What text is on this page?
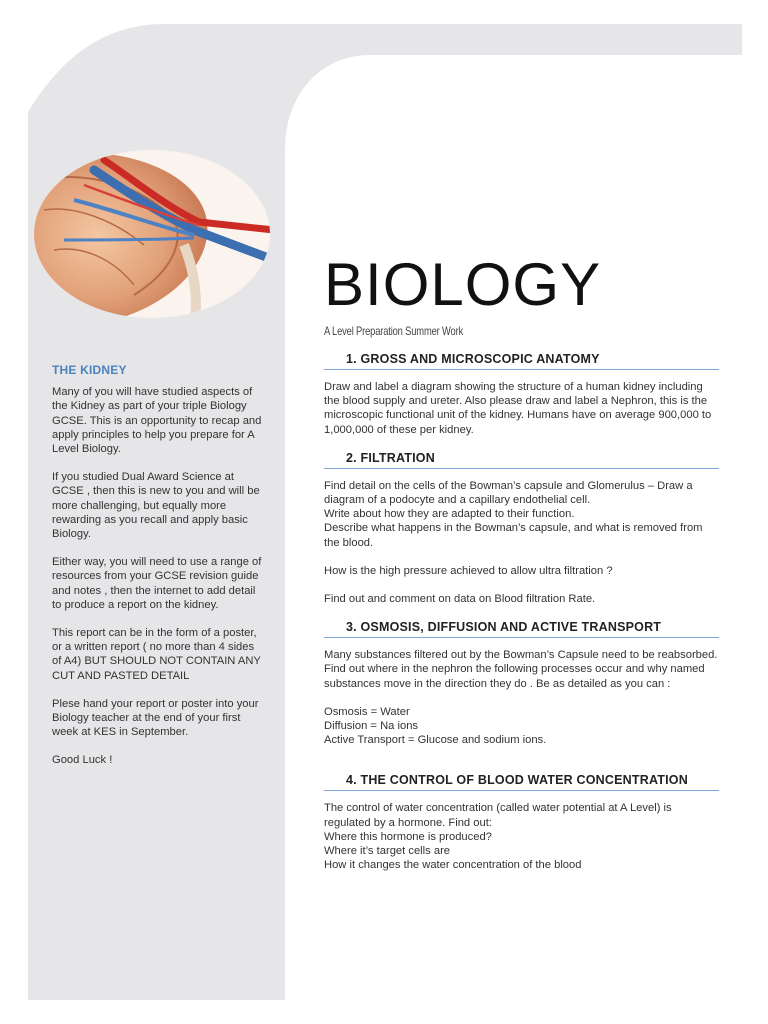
THE KIDNEY

Many of you will have studied aspects of the Kidney as part of your triple Biology GCSE. This is an opportunity to recap and apply principles to help you prepare for A Level Biology.

If you studied Dual Award Science at GCSE , then this is new to you and will be more challenging, but equally more rewarding as you recall and apply basic Biology.

Either way, you will need to use a range of resources from your GCSE revision guide and notes , then the internet to add detail to produce a report on the kidney.

This report can be in the form of a poster, or a written report ( no more than 4 sides of A4) BUT SHOULD NOT CONTAIN ANY CUT AND PASTED DETAIL

Plese hand your report or poster into your Biology teacher at the end of your first week at KES in September.

Good Luck !

BIOLOGY
A Level Preparation Summer Work
1. GROSS AND MICROSCOPIC ANATOMY

Draw and label a diagram showing the structure of a human kidney including the blood supply and ureter. Also please draw and label a Nephron, this is the microscopic functional unit of the kidney. Humans have on average 900,000 to 1,000,000 of these per kidney.

2. FILTRATION

Find detail on the cells of the Bowman’s capsule and Glomerulus – Draw a diagram of a podocyte and a capillary endothelial cell.

Write about how they are adapted to their function.

Describe what happens in the Bowman’s capsule, and what is removed from the blood.

How is the high pressure achieved to allow ultra filtration ?

Find out and comment on data on Blood filtration Rate.

3. OSMOSIS, DIFFUSION AND ACTIVE TRANSPORT

Many substances filtered out by the Bowman’s Capsule need to be reabsorbed. Find out where in the nephron the following processes occur and why named substances move in the direction they do . Be as detailed as you can :

Osmosis = Water

Diffusion = Na ions

Active Transport = Glucose and sodium ions.

4. THE CONTROL OF BLOOD WATER CONCENTRATION

The control of water concentration (called water potential at A Level) is regulated by a hormone. Find out:

Where this hormone is produced?

Where it’s target cells are

How it changes the water concentration of the blood
